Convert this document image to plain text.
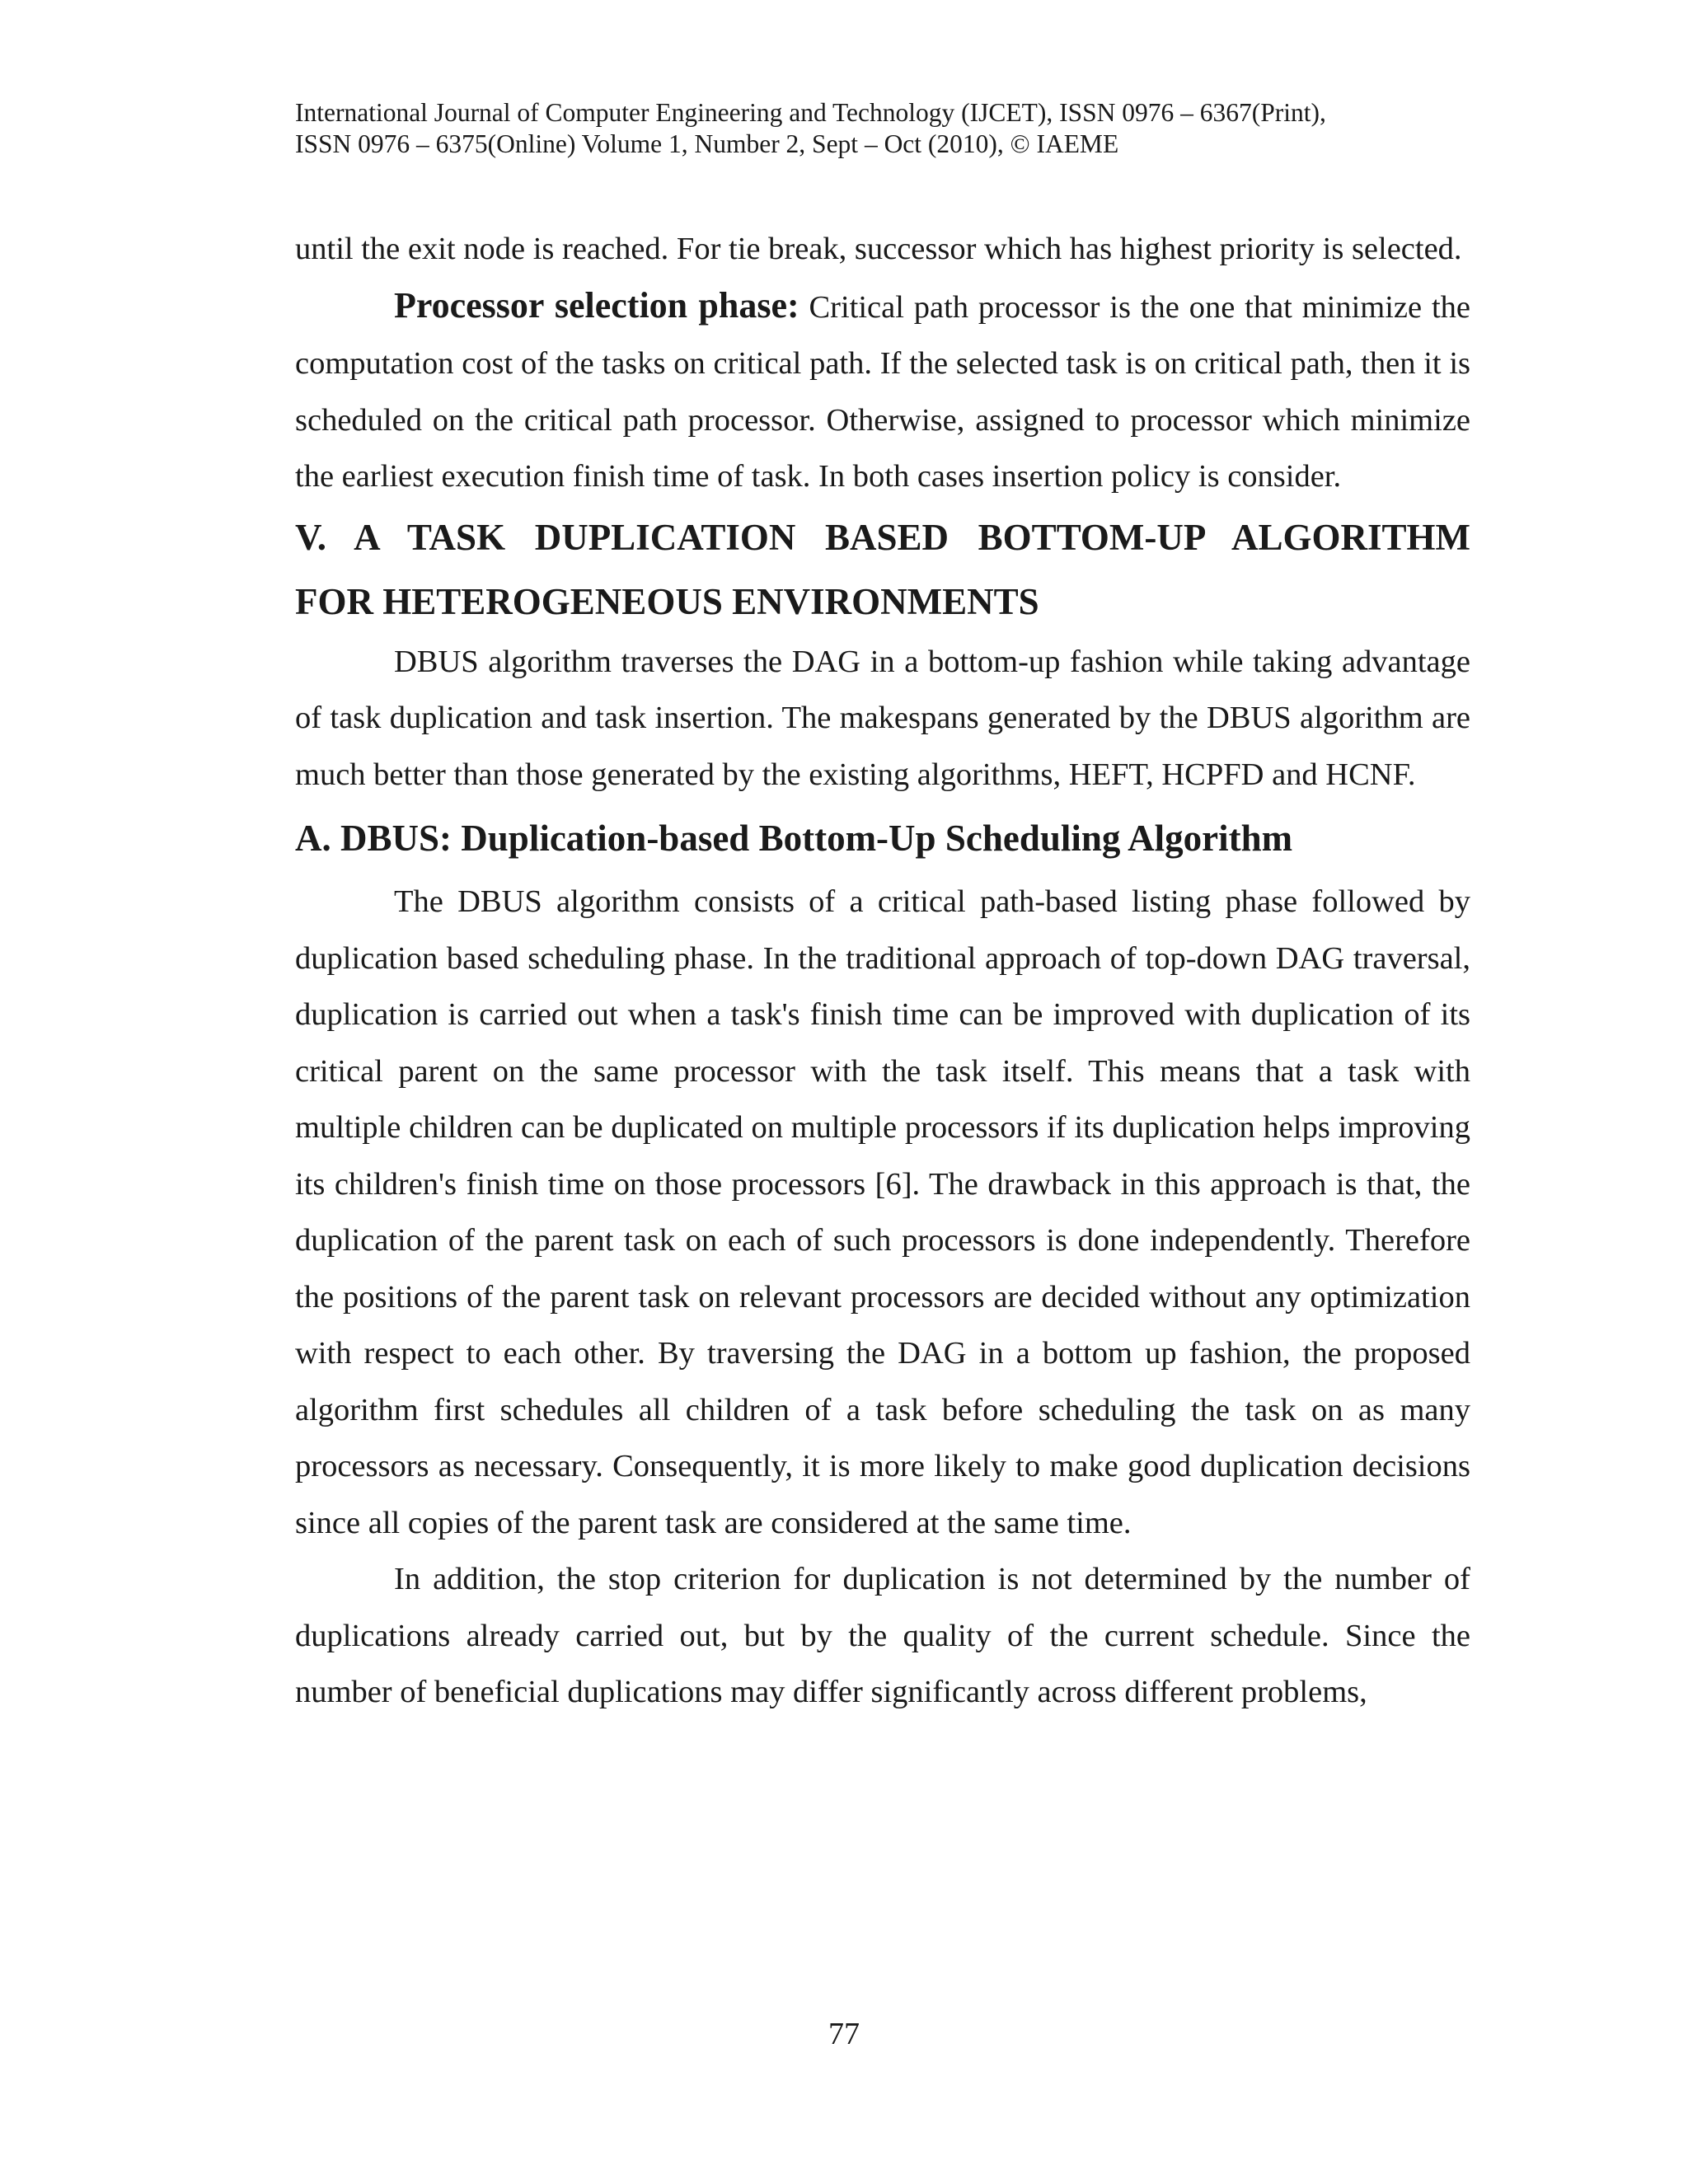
International Journal of Computer Engineering and Technology (IJCET), ISSN 0976 – 6367(Print),
ISSN 0976 – 6375(Online) Volume 1, Number 2, Sept – Oct (2010), © IAEME

until the exit node is reached. For tie break, successor which has highest priority is selected.

Processor selection phase: Critical path processor is the one that minimize the computation cost of the tasks on critical path. If the selected task is on critical path, then it is scheduled on the critical path processor. Otherwise, assigned to processor which minimize the earliest execution finish time of task. In both cases insertion policy is consider.

V. A TASK DUPLICATION BASED BOTTOM-UP ALGORITHM
FOR HETEROGENEOUS ENVIRONMENTS

DBUS algorithm traverses the DAG in a bottom-up fashion while taking advantage of task duplication and task insertion. The makespans generated by the DBUS algorithm are much better than those generated by the existing algorithms, HEFT, HCPFD and HCNF.

A. DBUS: Duplication-based Bottom-Up Scheduling Algorithm

The DBUS algorithm consists of a critical path-based listing phase followed by duplication based scheduling phase. In the traditional approach of top-down DAG traversal, duplication is carried out when a task's finish time can be improved with duplication of its critical parent on the same processor with the task itself. This means that a task with multiple children can be duplicated on multiple processors if its duplication helps improving its children's finish time on those processors [6]. The drawback in this approach is that, the duplication of the parent task on each of such processors is done independently. Therefore the positions of the parent task on relevant processors are decided without any optimization with respect to each other. By traversing the DAG in a bottom up fashion, the proposed algorithm first schedules all children of a task before scheduling the task on as many processors as necessary. Consequently, it is more likely to make good duplication decisions since all copies of the parent task are considered at the same time.

In addition, the stop criterion for duplication is not determined by the number of duplications already carried out, but by the quality of the current schedule. Since the number of beneficial duplications may differ significantly across different problems,

77
